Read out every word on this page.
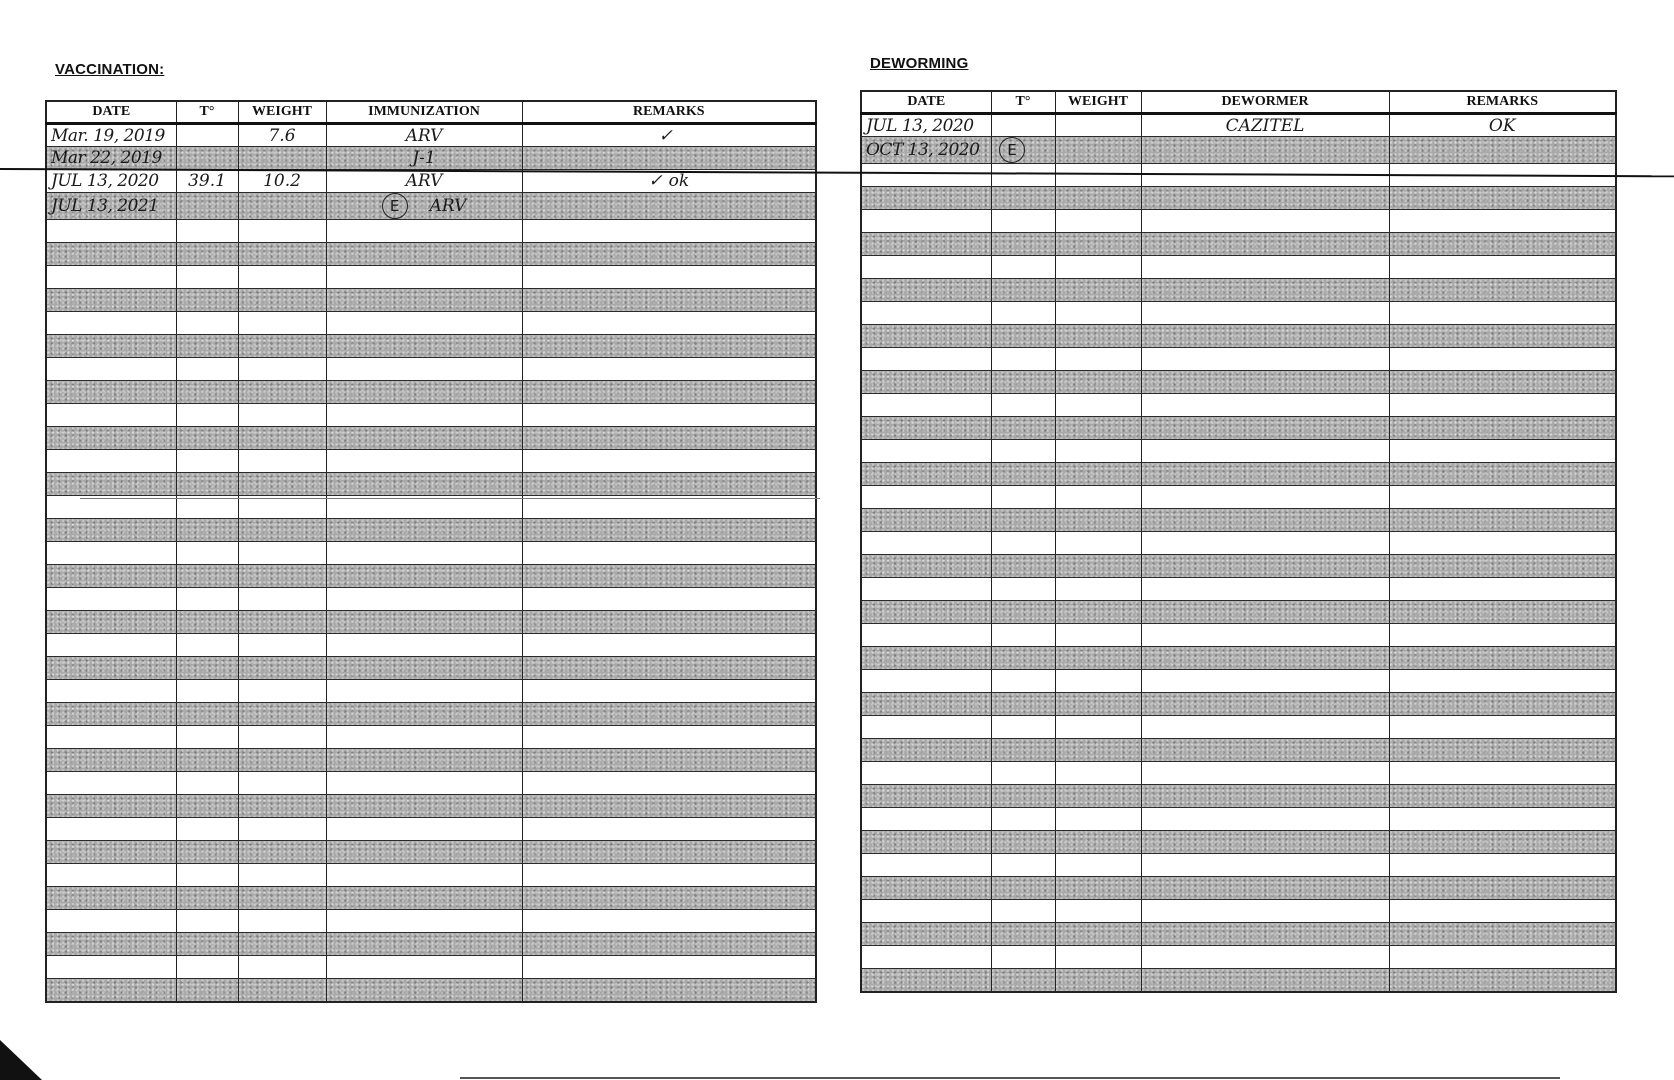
VACCINATION:	DEWORMING
DATE	T°	WEIGHT	IMMUNIZATION	REMARKS
Mar. 19, 2019		7.6	ARV	✓
Mar 22, 2019			J-1	
JUL 13, 2020	39.1	10.2	ARV	✓ ok
JUL 13, 2021			E ARV	

DATE	T°	WEIGHT	DEWORMER	REMARKS
JUL 13, 2020			CAZITEL	OK
OCT 13, 2020	E			
